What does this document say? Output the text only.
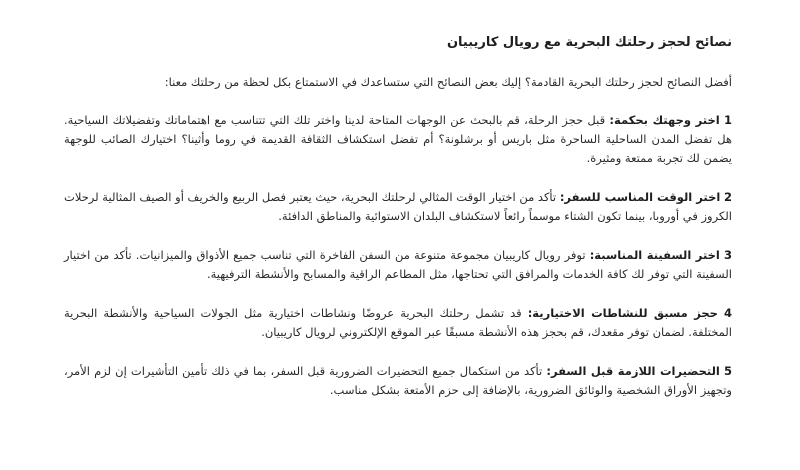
نصائح لحجز رحلتك البحرية مع رويال كاريبيان

أفضل النصائح لحجز رحلتك البحرية القادمة؟ إليك بعض النصائح التي ستساعدك في الاستمتاع بكل لحظة من رحلتك معنا:

1 اختر وجهتك بحكمة: قبل حجز الرحلة، قم بالبحث عن الوجهات المتاحة لدينا واختر تلك التي تتناسب مع اهتماماتك وتفضيلاتك السياحية. هل تفضل المدن الساحلية الساحرة مثل باريس أو برشلونة؟ أم تفضل استكشاف الثقافة القديمة في روما وأثينا؟ اختيارك الصائب للوجهة يضمن لك تجربة ممتعة ومثيرة.
2 اختر الوقت المناسب للسفر: تأكد من اختيار الوقت المثالي لرحلتك البحرية، حيث يعتبر فصل الربيع والخريف أو الصيف المثالية لرحلات الكروز في أوروبا، بينما تكون الشتاء موسماً رائعاً لاستكشاف البلدان الاستوائية والمناطق الدافئة.
3 اختر السفينة المناسبة: توفر رويال كاريبيان مجموعة متنوعة من السفن الفاخرة التي تناسب جميع الأذواق والميزانيات. تأكد من اختيار السفينة التي توفر لك كافة الخدمات والمرافق التي تحتاجها، مثل المطاعم الراقية والمسابح والأنشطة الترفيهية.
4 حجز مسبق للنشاطات الاختيارية: قد تشمل رحلتك البحرية عروضًا ونشاطات اختيارية مثل الجولات السياحية والأنشطة البحرية المختلفة. لضمان توفر مقعدك، قم بحجز هذه الأنشطة مسبقًا عبر الموقع الإلكتروني لرويال كاريبيان.
5 التحضيرات اللازمة قبل السفر: تأكد من استكمال جميع التحضيرات الضرورية قبل السفر، بما في ذلك تأمين التأشيرات إن لزم الأمر، وتجهيز الأوراق الشخصية والوثائق الضرورية، بالإضافة إلى حزم الأمتعة بشكل مناسب.
